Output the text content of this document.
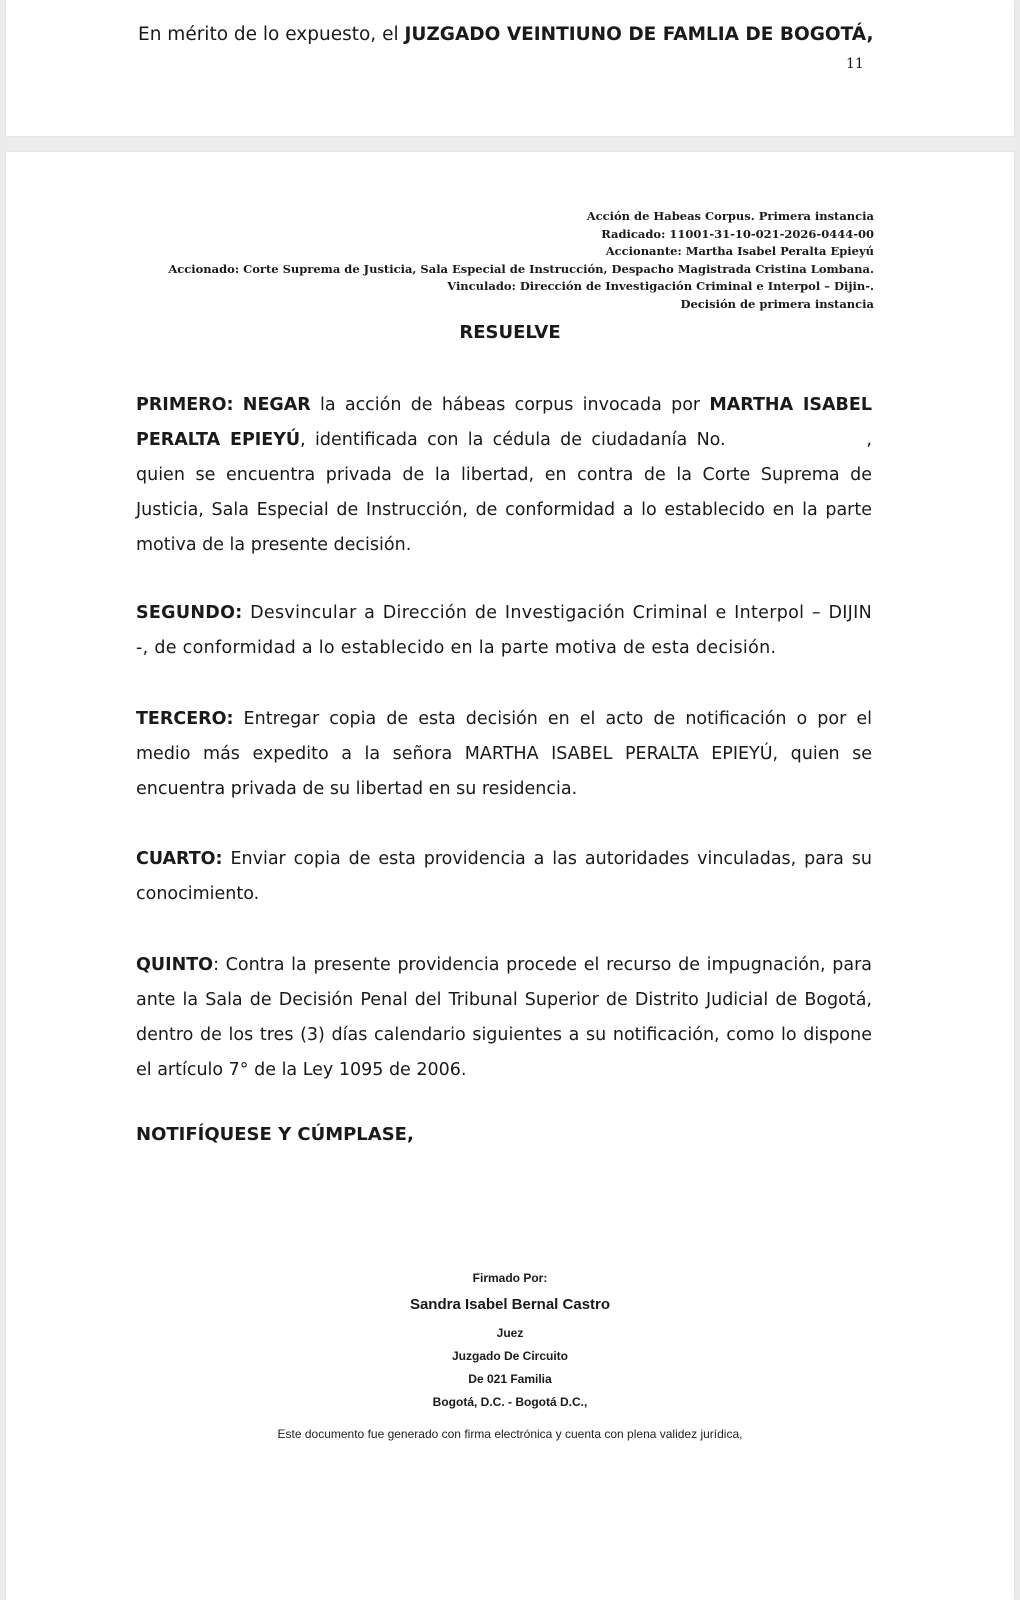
En mérito de lo expuesto, el JUZGADO VEINTIUNO DE FAMLIA DE BOGOTÁ,
11
Acción de Habeas Corpus. Primera instancia
Radicado: 11001-31-10-021-2026-0444-00
Accionante: Martha Isabel Peralta Epieyú
Accionado: Corte Suprema de Justicia, Sala Especial de Instrucción, Despacho Magistrada Cristina Lombana.
Vinculado: Dirección de Investigación Criminal e Interpol – Dijin-.
Decisión de primera instancia
RESUELVE
PRIMERO: NEGAR la acción de hábeas corpus invocada por MARTHA ISABEL PERALTA EPIEYÚ, identificada con la cédula de ciudadanía No.	 , quien se encuentra privada de la libertad, en contra de la Corte Suprema de Justicia, Sala Especial de Instrucción, de conformidad a lo establecido en la parte motiva de la presente decisión.
SEGUNDO: Desvincular a Dirección de Investigación Criminal e Interpol – DIJIN -, de conformidad a lo establecido en la parte motiva de esta decisión.
TERCERO: Entregar copia de esta decisión en el acto de notificación o por el medio más expedito a la señora MARTHA ISABEL PERALTA EPIEYÚ, quien se encuentra privada de su libertad en su residencia.
CUARTO: Enviar copia de esta providencia a las autoridades vinculadas, para su conocimiento.
QUINTO: Contra la presente providencia procede el recurso de impugnación, para ante la Sala de Decisión Penal del Tribunal Superior de Distrito Judicial de Bogotá, dentro de los tres (3) días calendario siguientes a su notificación, como lo dispone el artículo 7° de la Ley 1095 de 2006.
NOTIFÍQUESE Y CÚMPLASE,
Firmado Por:
Sandra Isabel Bernal Castro
Juez
Juzgado De Circuito
De 021 Familia
Bogotá, D.C. - Bogotá D.C.,
Este documento fue generado con firma electrónica y cuenta con plena validez jurídica,
